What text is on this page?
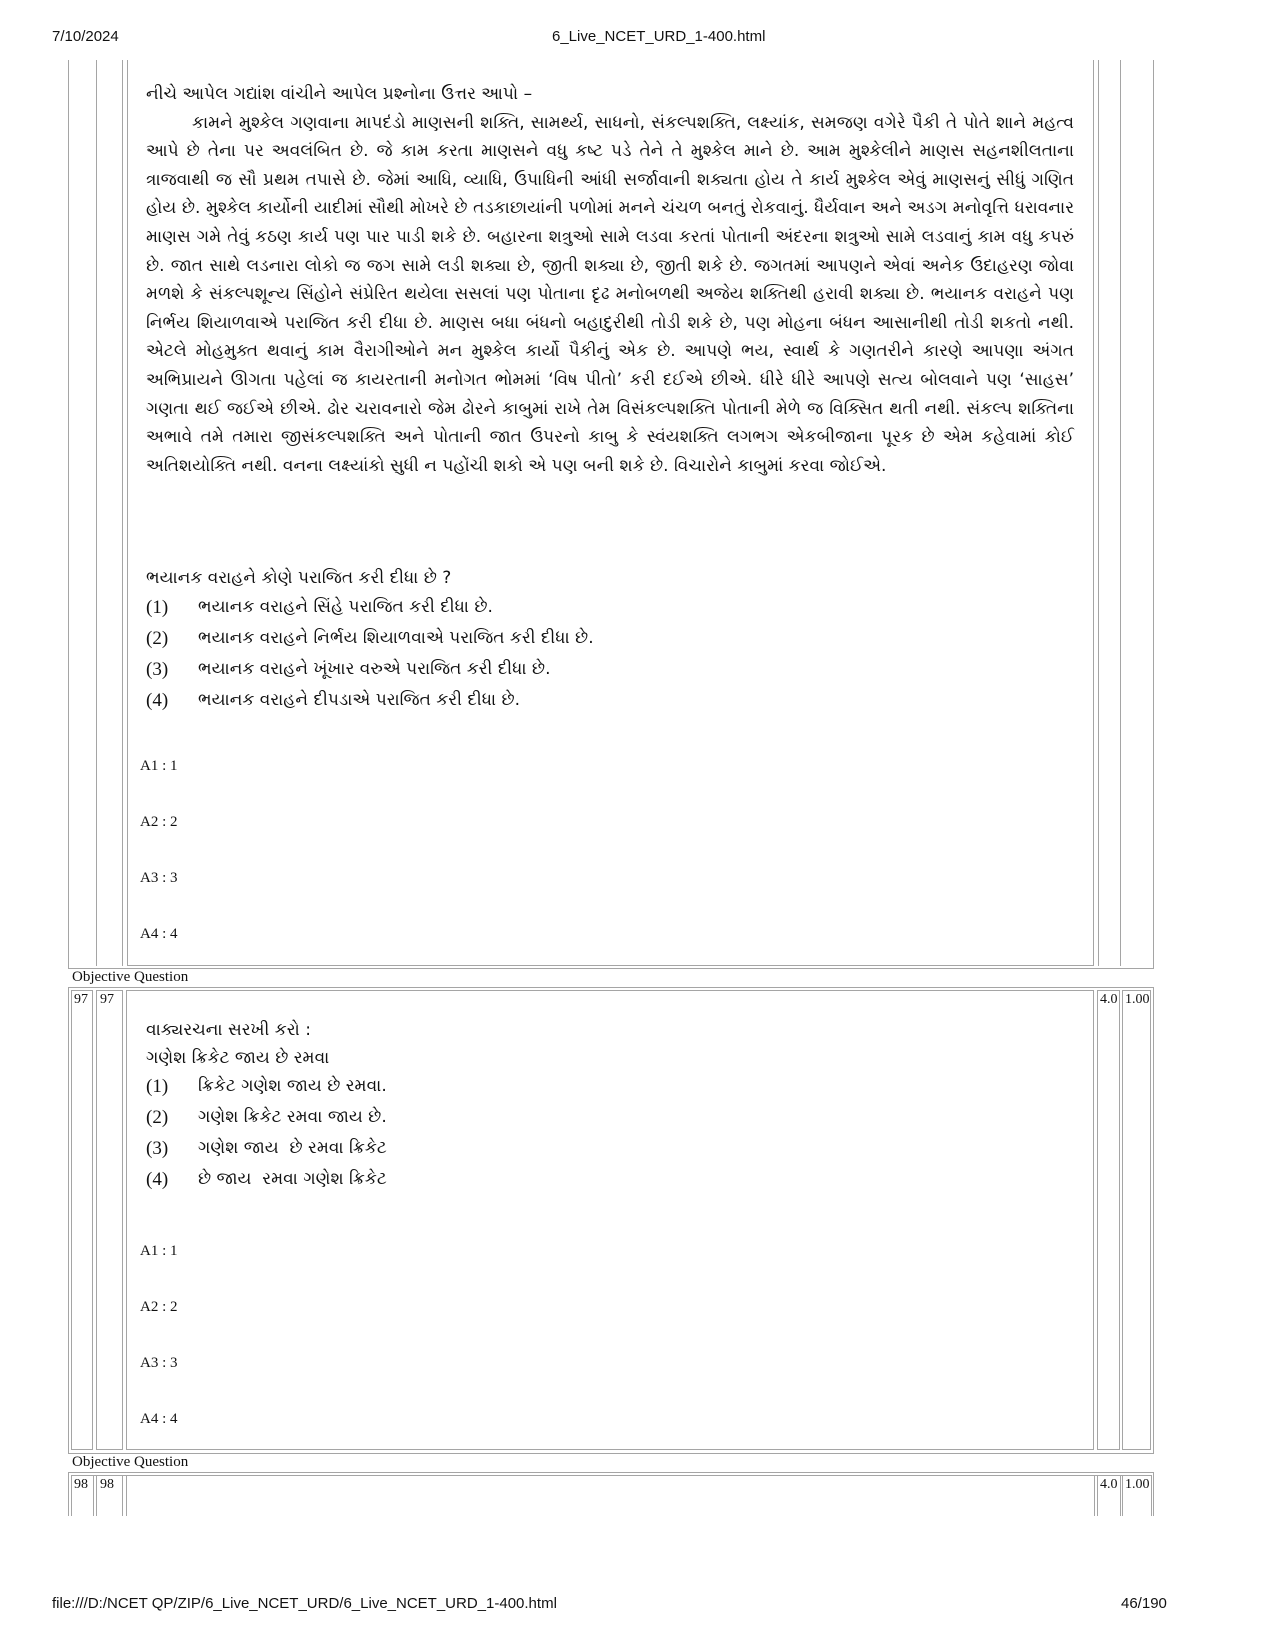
7/10/2024	6_Live_NCET_URD_1-400.html
file:///D:/NCET QP/ZIP/6_Live_NCET_URD/6_Live_NCET_URD_1-400.html	46/190

નીચે આપેલ ગદ્યાંશ વાંચીને આપેલ પ્રશ્નોના ઉત્તર આપો –

કામને મુશ્કેલ ગણવાના માપદંડો માણસની શક્તિ, સામર્થ્ય, સાધનો, સંકલ્પશક્તિ, લક્ષ્યાંક, સમજણ વગેરે પૈકી તે પોતે શાને મહત્વ આપે છે તેના પર અવલંબિત છે. જે કામ કરતા માણસને વધુ કષ્ટ પડે તેને તે મુશ્કેલ માને છે. આમ મુશ્કેલીને માણસ સહનશીલતાના ત્રાજવાથી જ સૌ પ્રથમ તપાસે છે. જેમાં આધિ, વ્યાધિ, ઉપાધિની આંધી સર્જાવાની શક્યતા હોય તે કાર્ય મુશ્કેલ એવું માણસનું સીધું ગણિત હોય છે. મુશ્કેલ કાર્યોની યાદીમાં સૌથી મોખરે છે તડકાછાયાંની પળોમાં મનને ચંચળ બનતું રોકવાનું. ધૈર્યવાન અને અડગ મનોવૃત્તિ ધરાવનાર માણસ ગમે તેવું કઠણ કાર્ય પણ પાર પાડી શકે છે. બહારના શત્રુઓ સામે લડવા કરતાં પોતાની અંદરના શત્રુઓ સામે લડવાનું કામ વધુ કપરું છે. જાત સાથે લડનારા લોકો જ જગ સામે લડી શક્યા છે, જીતી શક્યા છે, જીતી શકે છે. જગતમાં આપણને એવાં અનેક ઉદાહરણ જોવા મળશે કે સંકલ્પશૂન્ય સિંહોને સંપ્રેરિત થયેલા સસલાં પણ પોતાના દૃઢ મનોબળથી અજેય શક્તિથી હરાવી શક્યા છે. ભયાનક વરાહને પણ નિર્ભય શિયાળવાએ પરાજિત કરી દીધા છે. માણસ બધા બંધનો બહાદુરીથી તોડી શકે છે, પણ મોહના બંધન આસાનીથી તોડી શકતો નથી. એટલે મોહમુક્ત થવાનું કામ વૈરાગીઓને મન મુશ્કેલ કાર્યો પૈકીનું એક છે. આપણે ભય, સ્વાર્થ કે ગણતરીને કારણે આપણા અંગત અભિપ્રાયને ઊગતા પહેલાં જ કાયરતાની મનોગત ભોમમાં ‘વિષ પીતો’ કરી દઈએ છીએ. ધીરે ધીરે આપણે સત્ય બોલવાને પણ ‘સાહસ’ ગણતા થઈ જઈએ છીએ. ઢોર ચરાવનારો જેમ ઢોરને કાબુમાં રાખે તેમ વિસંકલ્પશક્તિ પોતાની મેળે જ વિક્સિત થતી નથી. સંકલ્પ શક્તિના અભાવે તમે તમારા જીસંકલ્પશક્તિ અને પોતાની જાત ઉપરનો કાબુ કે સ્વંયશક્તિ લગભગ એકબીજાના પૂરક છે એમ કહેવામાં કોઈ અતિશયોક્તિ નથી. વનના લક્ષ્યાંકો સુધી ન પહોંચી શકો એ પણ બની શકે છે. વિચારોને કાબુમાં કરવા જોઈએ.

ભયાનક વરાહને કોણે પરાજિત કરી દીધા છે ?
(1) ભયાનક વરાહને સિંહે પરાજિત કરી દીધા છે.
(2) ભયાનક વરાહને નિર્ભય શિયાળવાએ પરાજિત કરી દીધા છે.
(3) ભયાનક વરાહને ખૂંખાર વરુએ પરાજિત કરી દીધા છે.
(4) ભયાનક વરાહને દીપડાએ પરાજિત કરી દીધા છે.
A1 : 1
A2 : 2
A3 : 3
A4 : 4
Objective Question
97 97	4.0 1.00
વાક્યરચના સરખી કરો :
ગણેશ ક્રિકેટ જાય છે રમવા
(1) ક્રિકેટ ગણેશ જાય છે રમવા.
(2) ગણેશ ક્રિકેટ રમવા જાય છે.
(3) ગણેશ જાય  છે રમવા ક્રિકેટ
(4) છે જાય  રમવા ગણેશ ક્રિકેટ
A1 : 1
A2 : 2
A3 : 3
A4 : 4
Objective Question
98 98	4.0 1.00
